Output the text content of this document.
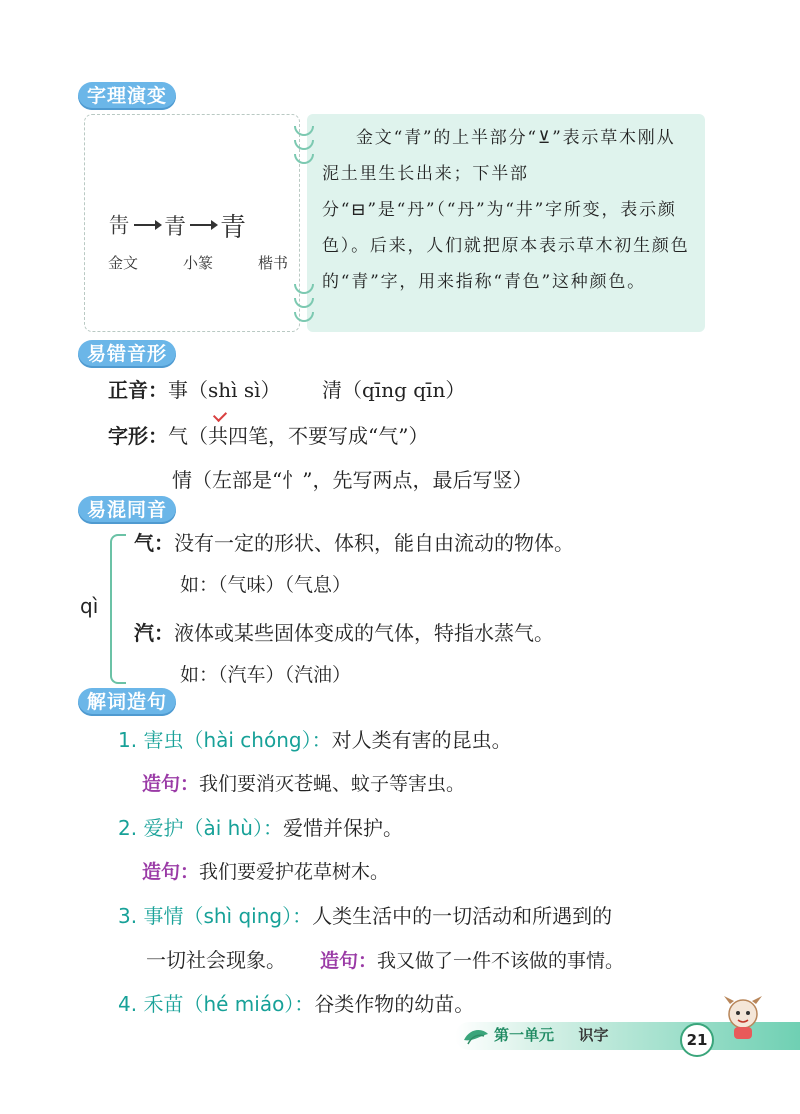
字理演变
𤯞 青 青
金文	小篆	楷书
金文“青”的上半部分“⊻”表示草木刚从泥土里生长出来；下半部分“⊟”是“丹”（“丹”为“井”字所变，表示颜色）。后来，人们就把原本表示草木初生颜色的“青”字，用来指称“青色”这种颜色。
易错音形
正音：事（shì sì） 清（qīng qīn）
字形：气（共四笔，不要写成“气”）
情（左部是“忄”，先写两点，最后写竖）
易混同音
qì
气：没有一定的形状、体积，能自由流动的物体。
如：（气味）（气息）
汽：液体或某些固体变成的气体，特指水蒸气。
如：（汽车）（汽油）
解词造句
1. 害虫（hài chóng）：对人类有害的昆虫。
造句：我们要消灭苍蝇、蚊子等害虫。
2. 爱护（ài hù）：爱惜并保护。
造句：我们要爱护花草树木。
3. 事情（shì qing）：人类生活中的一切活动和所遇到的
一切社会现象。 造句：我又做了一件不该做的事情。
4. 禾苗（hé miáo）：谷类作物的幼苗。
第一单元 识字	21
